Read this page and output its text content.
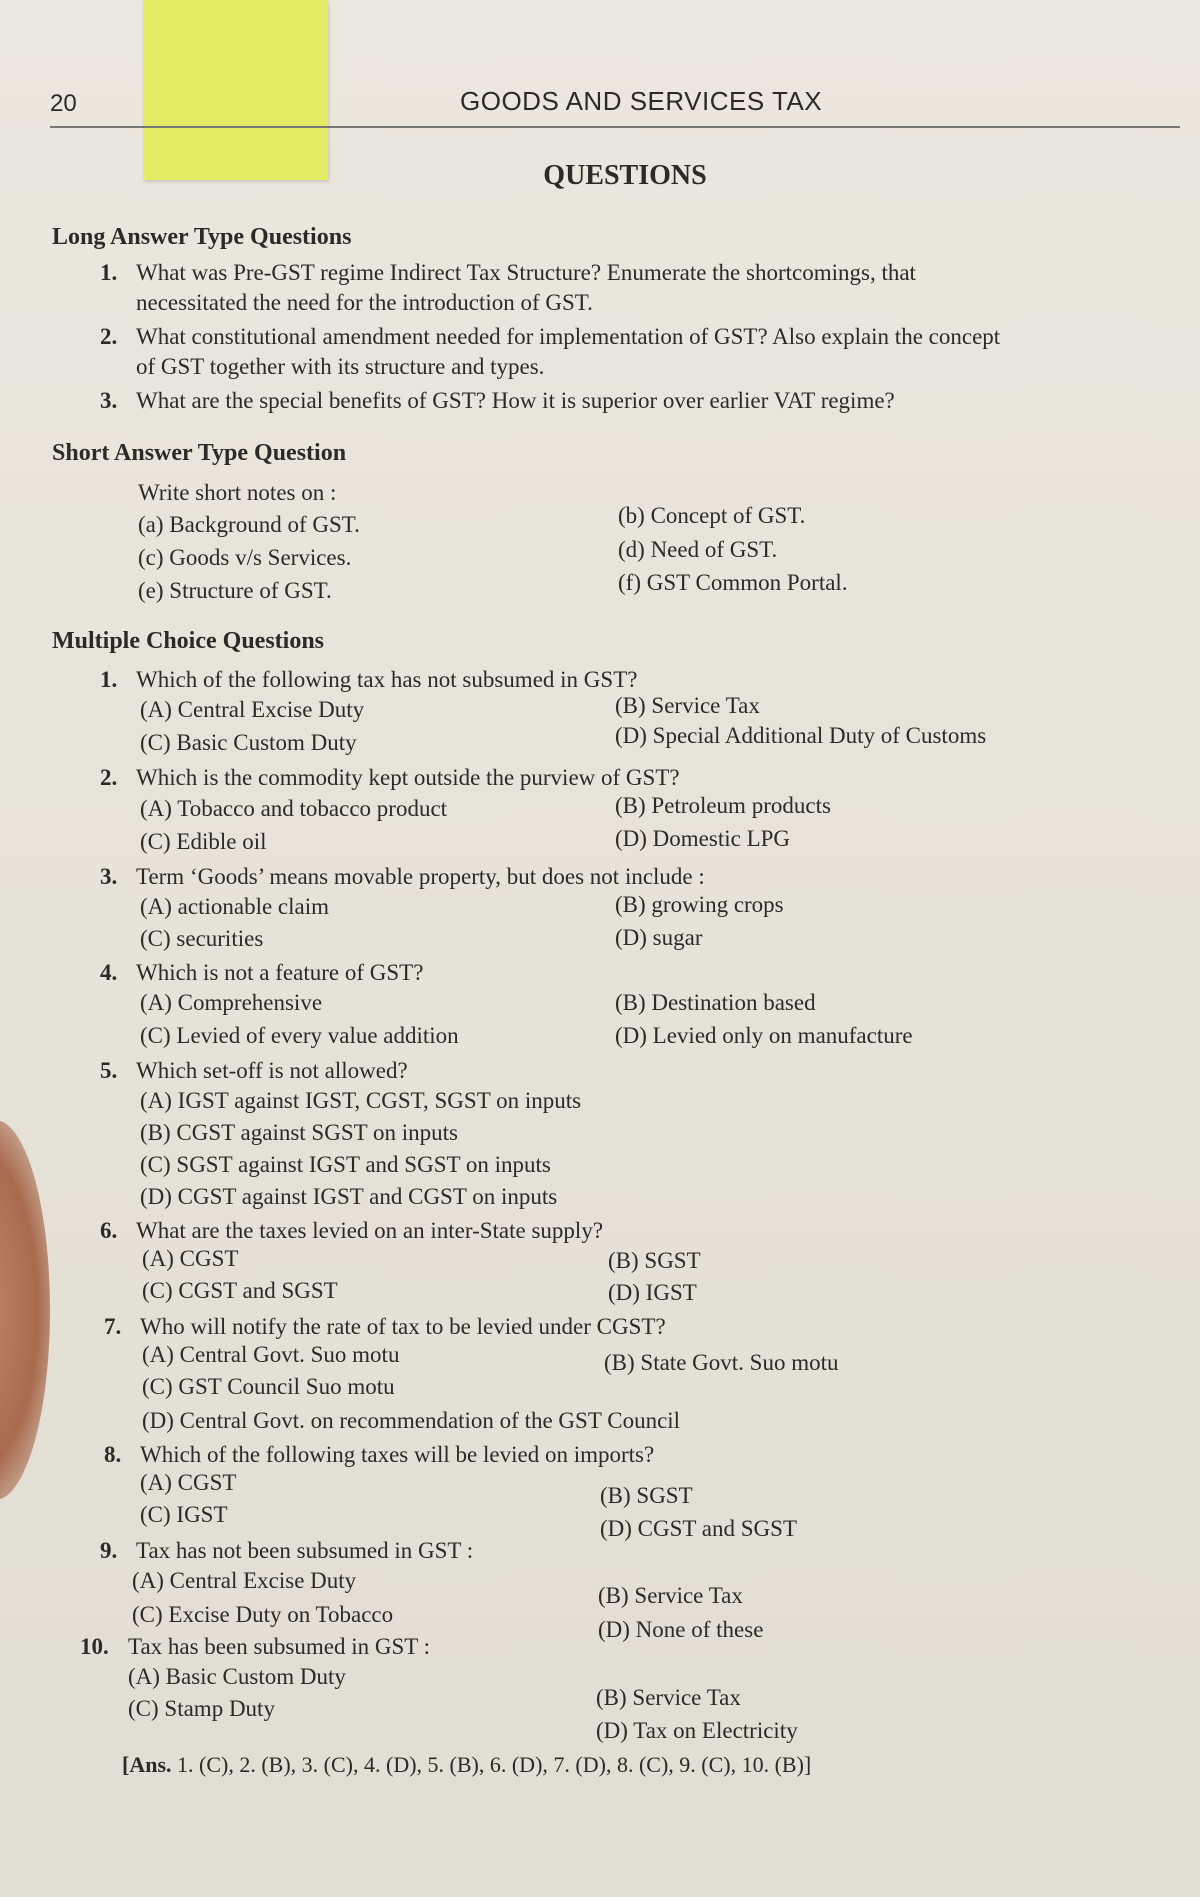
20	GOODS AND SERVICES TAX
QUESTIONS
Long Answer Type Questions
1. What was Pre-GST regime Indirect Tax Structure? Enumerate the shortcomings, that
necessitated the need for the introduction of GST.
2. What constitutional amendment needed for implementation of GST? Also explain the concept
of GST together with its structure and types.
3. What are the special benefits of GST? How it is superior over earlier VAT regime?
Short Answer Type Question
Write short notes on :
(a) Background of GST.	(b) Concept of GST.
(c) Goods v/s Services.	(d) Need of GST.
(e) Structure of GST.	(f) GST Common Portal.
Multiple Choice Questions
1. Which of the following tax has not subsumed in GST?
(A) Central Excise Duty	(B) Service Tax
(C) Basic Custom Duty	(D) Special Additional Duty of Customs
2. Which is the commodity kept outside the purview of GST?
(A) Tobacco and tobacco product	(B) Petroleum products
(C) Edible oil	(D) Domestic LPG
3. Term ‘Goods’ means movable property, but does not include :
(A) actionable claim	(B) growing crops
(C) securities	(D) sugar
4. Which is not a feature of GST?
(A) Comprehensive	(B) Destination based
(C) Levied of every value addition	(D) Levied only on manufacture
5. Which set-off is not allowed?
(A) IGST against IGST, CGST, SGST on inputs
(B) CGST against SGST on inputs
(C) SGST against IGST and SGST on inputs
(D) CGST against IGST and CGST on inputs
6. What are the taxes levied on an inter-State supply?
(A) CGST	(B) SGST
(C) CGST and SGST	(D) IGST
7. Who will notify the rate of tax to be levied under CGST?
(A) Central Govt. Suo motu	(B) State Govt. Suo motu
(C) GST Council Suo motu
(D) Central Govt. on recommendation of the GST Council
8. Which of the following taxes will be levied on imports?
(A) CGST
(B) SGST
(C) IGST
(D) CGST and SGST
9. Tax has not been subsumed in GST :
(A) Central Excise Duty
(B) Service Tax
(C) Excise Duty on Tobacco
(D) None of these
10. Tax has been subsumed in GST :
(A) Basic Custom Duty
(B) Service Tax
(C) Stamp Duty
(D) Tax on Electricity
[Ans. 1. (C), 2. (B), 3. (C), 4. (D), 5. (B), 6. (D), 7. (D), 8. (C), 9. (C), 10. (B)]
